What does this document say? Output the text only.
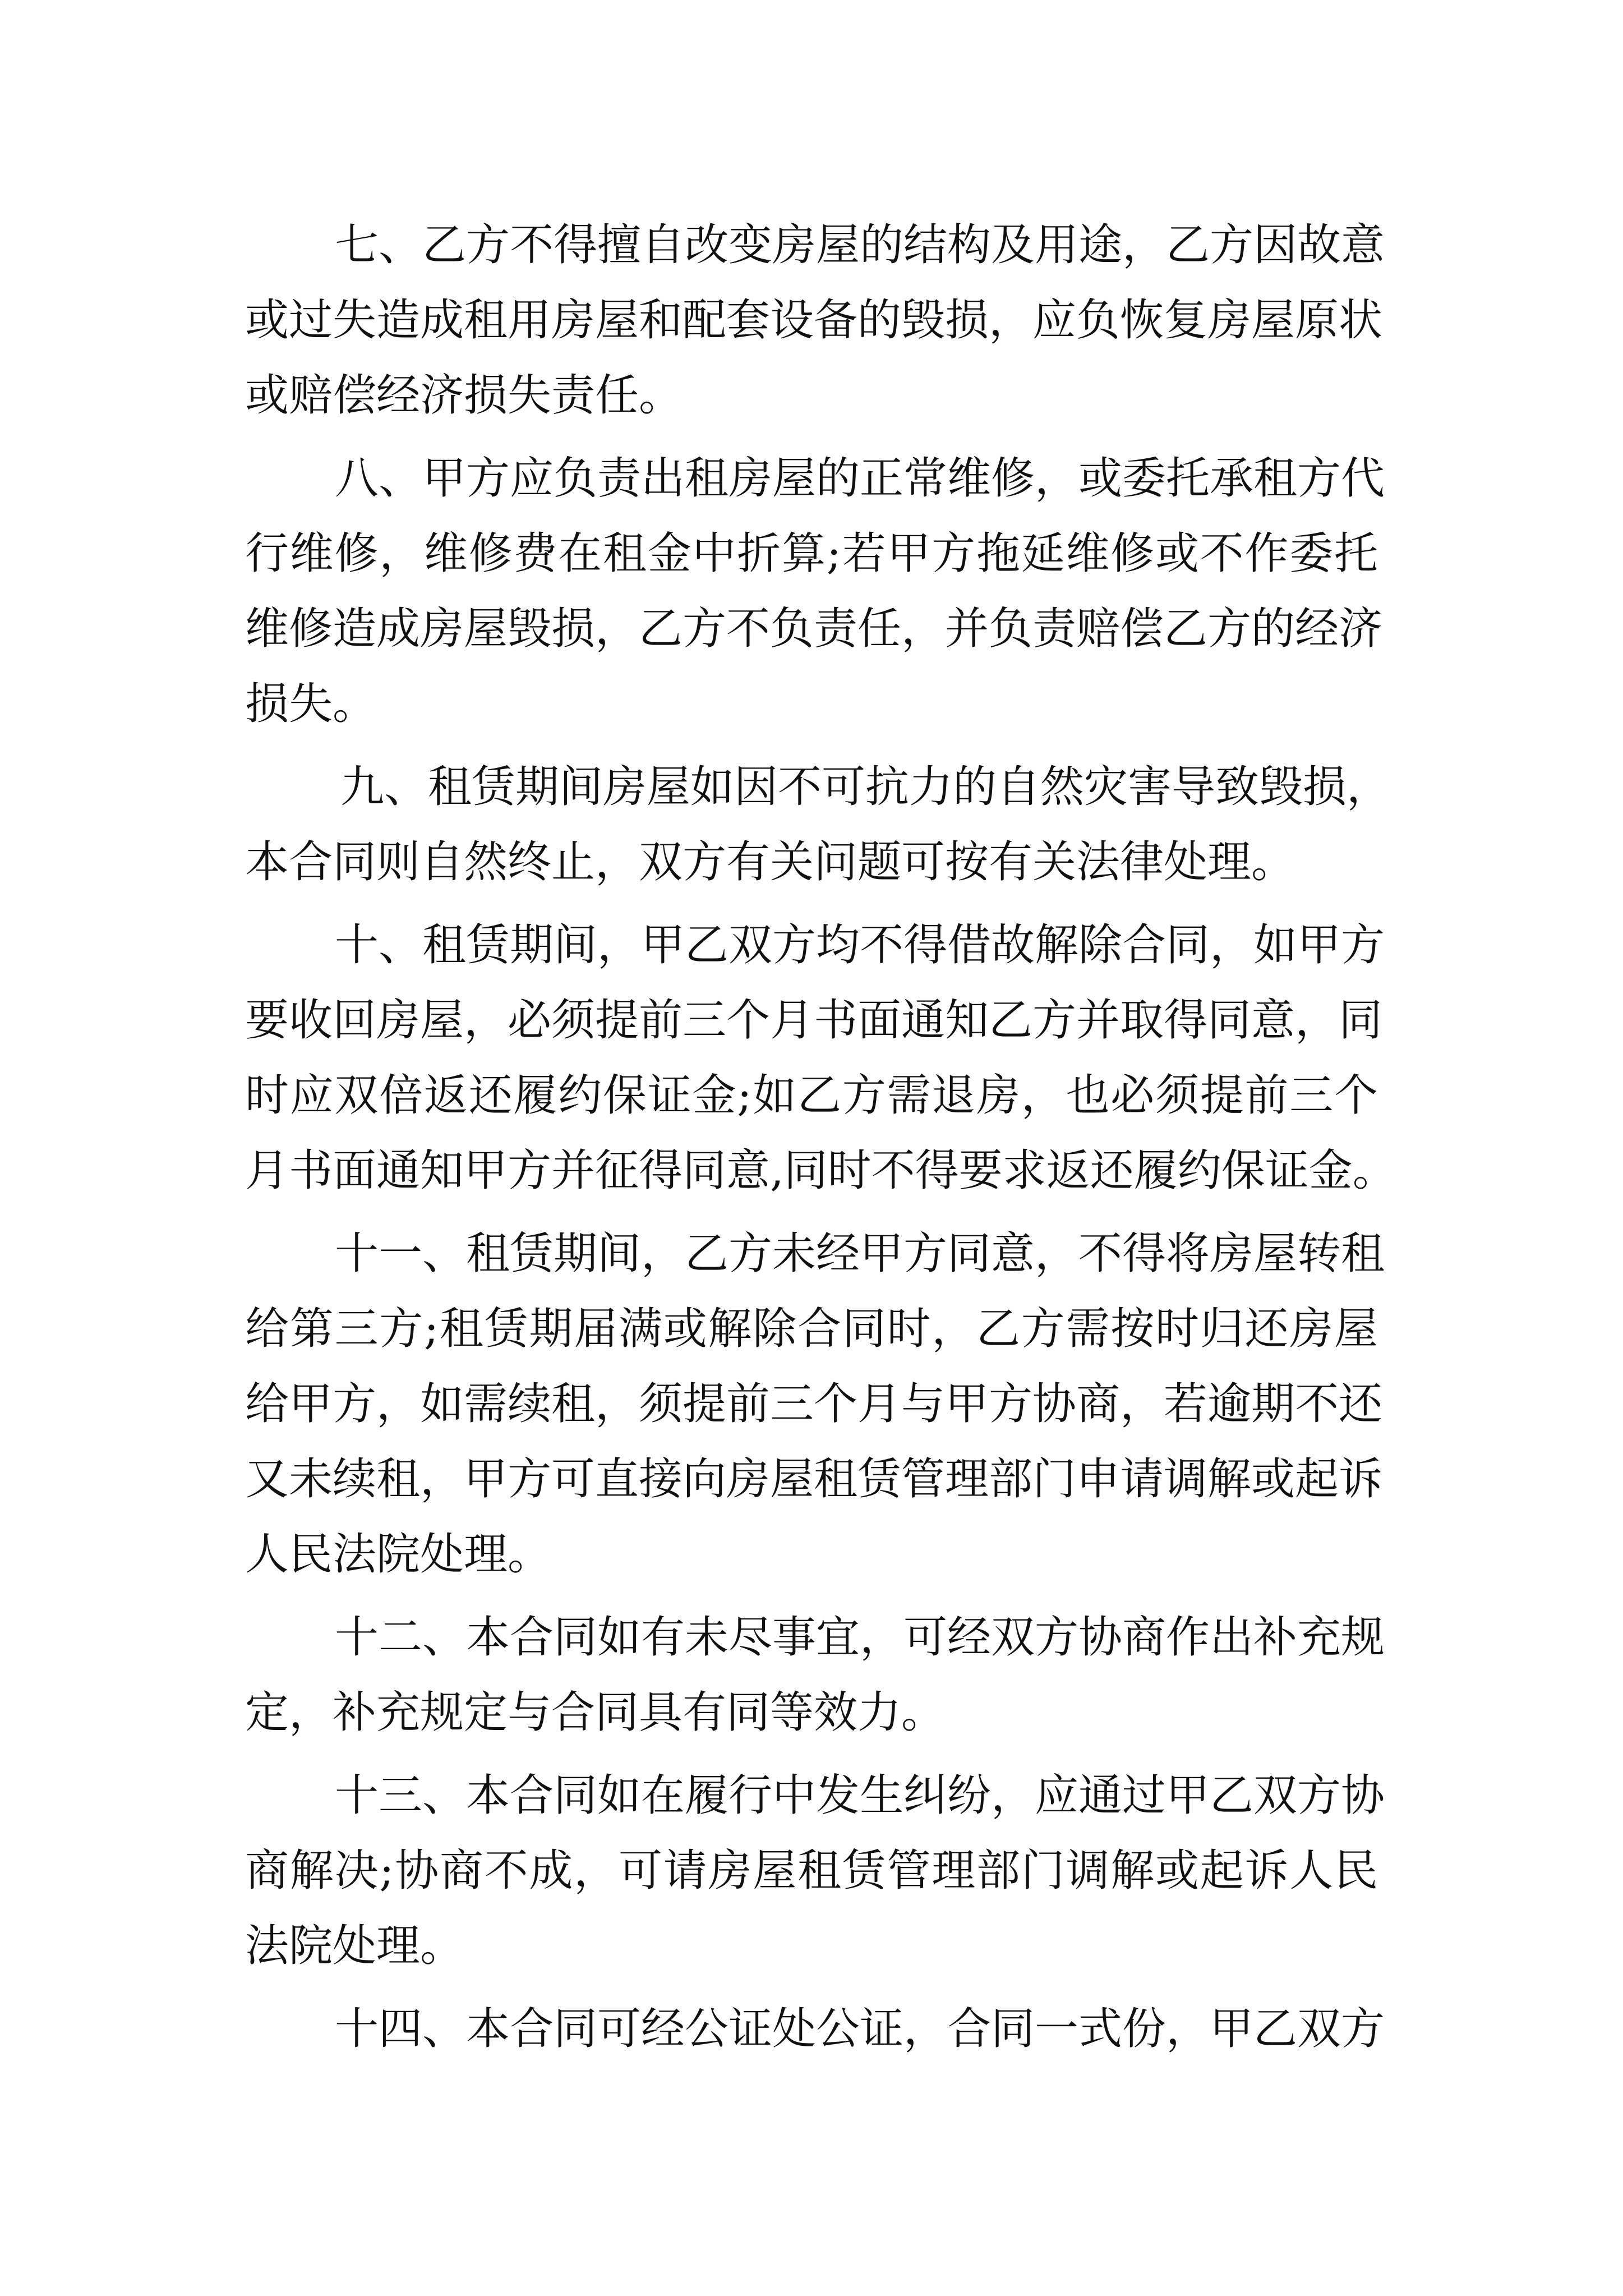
七、乙方不得擅自改变房屋的结构及用途，乙方因故意
或过失造成租用房屋和配套设备的毁损，应负恢复房屋原状
或赔偿经济损失责任。
八、甲方应负责出租房屋的正常维修，或委托承租方代
行维修，维修费在租金中折算;若甲方拖延维修或不作委托
维修造成房屋毁损，乙方不负责任，并负责赔偿乙方的经济
损失。
九、租赁期间房屋如因不可抗力的自然灾害导致毁损，
本合同则自然终止，双方有关问题可按有关法律处理。
十、租赁期间，甲乙双方均不得借故解除合同，如甲方
要收回房屋，必须提前三个月书面通知乙方并取得同意，同
时应双倍返还履约保证金;如乙方需退房，也必须提前三个
月书面通知甲方并征得同意,同时不得要求返还履约保证金。
十一、租赁期间，乙方未经甲方同意，不得将房屋转租
给第三方;租赁期届满或解除合同时，乙方需按时归还房屋
给甲方，如需续租，须提前三个月与甲方协商，若逾期不还
又未续租，甲方可直接向房屋租赁管理部门申请调解或起诉
人民法院处理。
十二、本合同如有未尽事宜，可经双方协商作出补充规
定，补充规定与合同具有同等效力。
十三、本合同如在履行中发生纠纷，应通过甲乙双方协
商解决;协商不成，可请房屋租赁管理部门调解或起诉人民
法院处理。
十四、本合同可经公证处公证，合同一式份，甲乙双方
